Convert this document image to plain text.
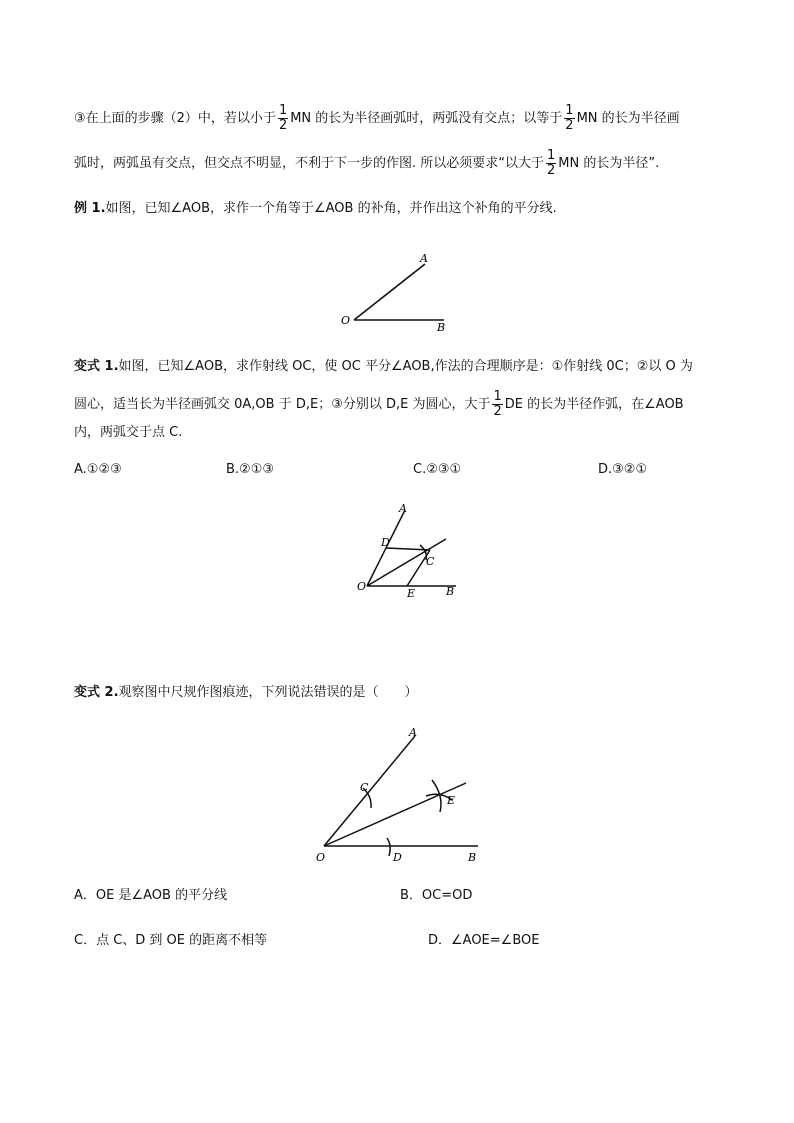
③在上面的步骤（2）中，若以小于 $\frac{1}{2}$ MN 的长为半径画弧时，两弧没有交点；以等于 $\frac{1}{2}$ MN 的长为半径画
弧时，两弧虽有交点，但交点不明显，不利于下一步的作图. 所以必须要求“以大于 $\frac{1}{2}$ MN 的长为半径”.
例 1.如图，已知∠AOB，求作一个角等于∠AOB 的补角，并作出这个补角的平分线.
A
O
B
变式 1.如图，已知∠AOB，求作射线 OC，使 OC 平分∠AOB,作法的合理顺序是：①作射线 0C；②以 O 为
圆心，适当长为半径画弧交 0A,OB 于 D,E；③分别以 D,E 为圆心，大于 $\frac{1}{2}$ DE 的长为半径作弧，在∠AOB
内，两弧交于点 C.
A.①②③	B.②①③	C.②③①	D.③②①
A
D
C
O
E	B
变式 2.观察图中尺规作图痕迹，下列说法错误的是（　　）
A
C
E
O	D	B
A．OE 是∠AOB 的平分线	B．OC=OD
C．点 C、D 到 OE 的距离不相等	D．∠AOE=∠BOE
